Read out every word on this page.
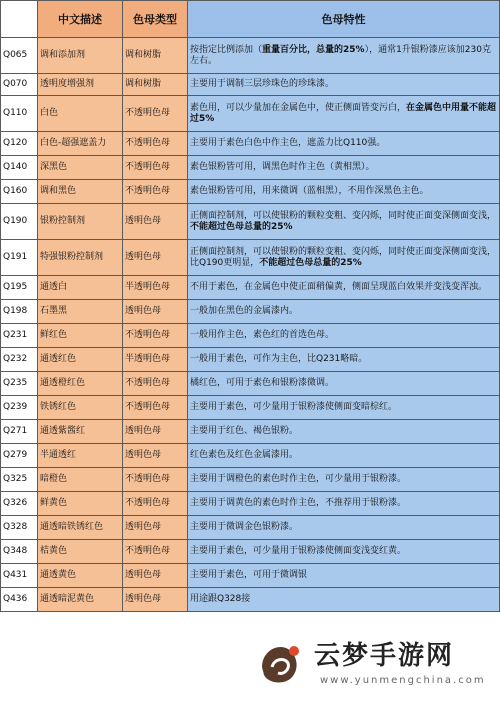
	中文描述	色母类型	色母特性
Q065	调和添加剂	调和树脂	按指定比例添加（重量百分比，总量的25%），通常1升银粉漆应该加230克左右。
Q070	透明度增强剂	调和树脂	主要用于调制三层珍珠色的珍珠漆。
Q110	白色	不透明色母	素色用，可以少量加在金属色中，使正侧面皆变污白，在金属色中用量不能超过5%
Q120	白色-超强遮盖力	不透明色母	主要用于素色白色中作主色，遮盖力比Q110强。
Q140	深黑色	不透明色母	素色银粉皆可用，调黑色时作主色（黄相黑）。
Q160	调和黑色	不透明色母	素色银粉皆可用，用来微调（蓝相黑），不用作深黑色主色。
Q190	银粉控制剂	透明色母	正侧面控制剂，可以使银粉的颗粒变粗、变闪烁，同时使正面变深侧面变浅，不能超过色母总量的25%
Q191	特强银粉控制剂	透明色母	正侧面控制剂，可以使银粉的颗粒变粗、变闪烁，同时使正面变深侧面变浅，比Q190更明显，不能超过色母总量的25%
Q195	通透白	半透明色母	不用于素色，在金属色中使正面稍偏黄，侧面呈现蓝白效果并变浅变浑浊。
Q198	石墨黑	透明色母	一般加在黑色的金属漆内。
Q231	鲜红色	不透明色母	一般用作主色，素色红的首选色母。
Q232	通透红色	半透明色母	一般用于素色，可作为主色，比Q231略暗。
Q235	通透橙红色	不透明色母	橘红色，可用于素色和银粉漆微调。
Q239	铁锈红色	不透明色母	主要用于素色，可少量用于银粉漆使侧面变暗棕红。
Q271	通透紫酱红	透明色母	主要用于红色、褐色银粉。
Q279	半通透红	透明色母	红色素色及红色金属漆用。
Q325	暗橙色	不透明色母	主要用于调橙色的素色时作主色，可少量用于银粉漆。
Q326	鲜黄色	不透明色母	主要用于调黄色的素色时作主色，不推荐用于银粉漆。
Q328	通透暗铁锈红色	透明色母	主要用于微调金色银粉漆。
Q348	桔黄色	不透明色母	主要用于素色，可少量用于银粉漆使侧面变浅变红黄。
Q431	通透黄色	透明色母	主要用于素色，可用于微调银
Q436	通透暗泥黄色	透明色母	用途跟Q328接
云梦手游网
www.yunmengchina.com
